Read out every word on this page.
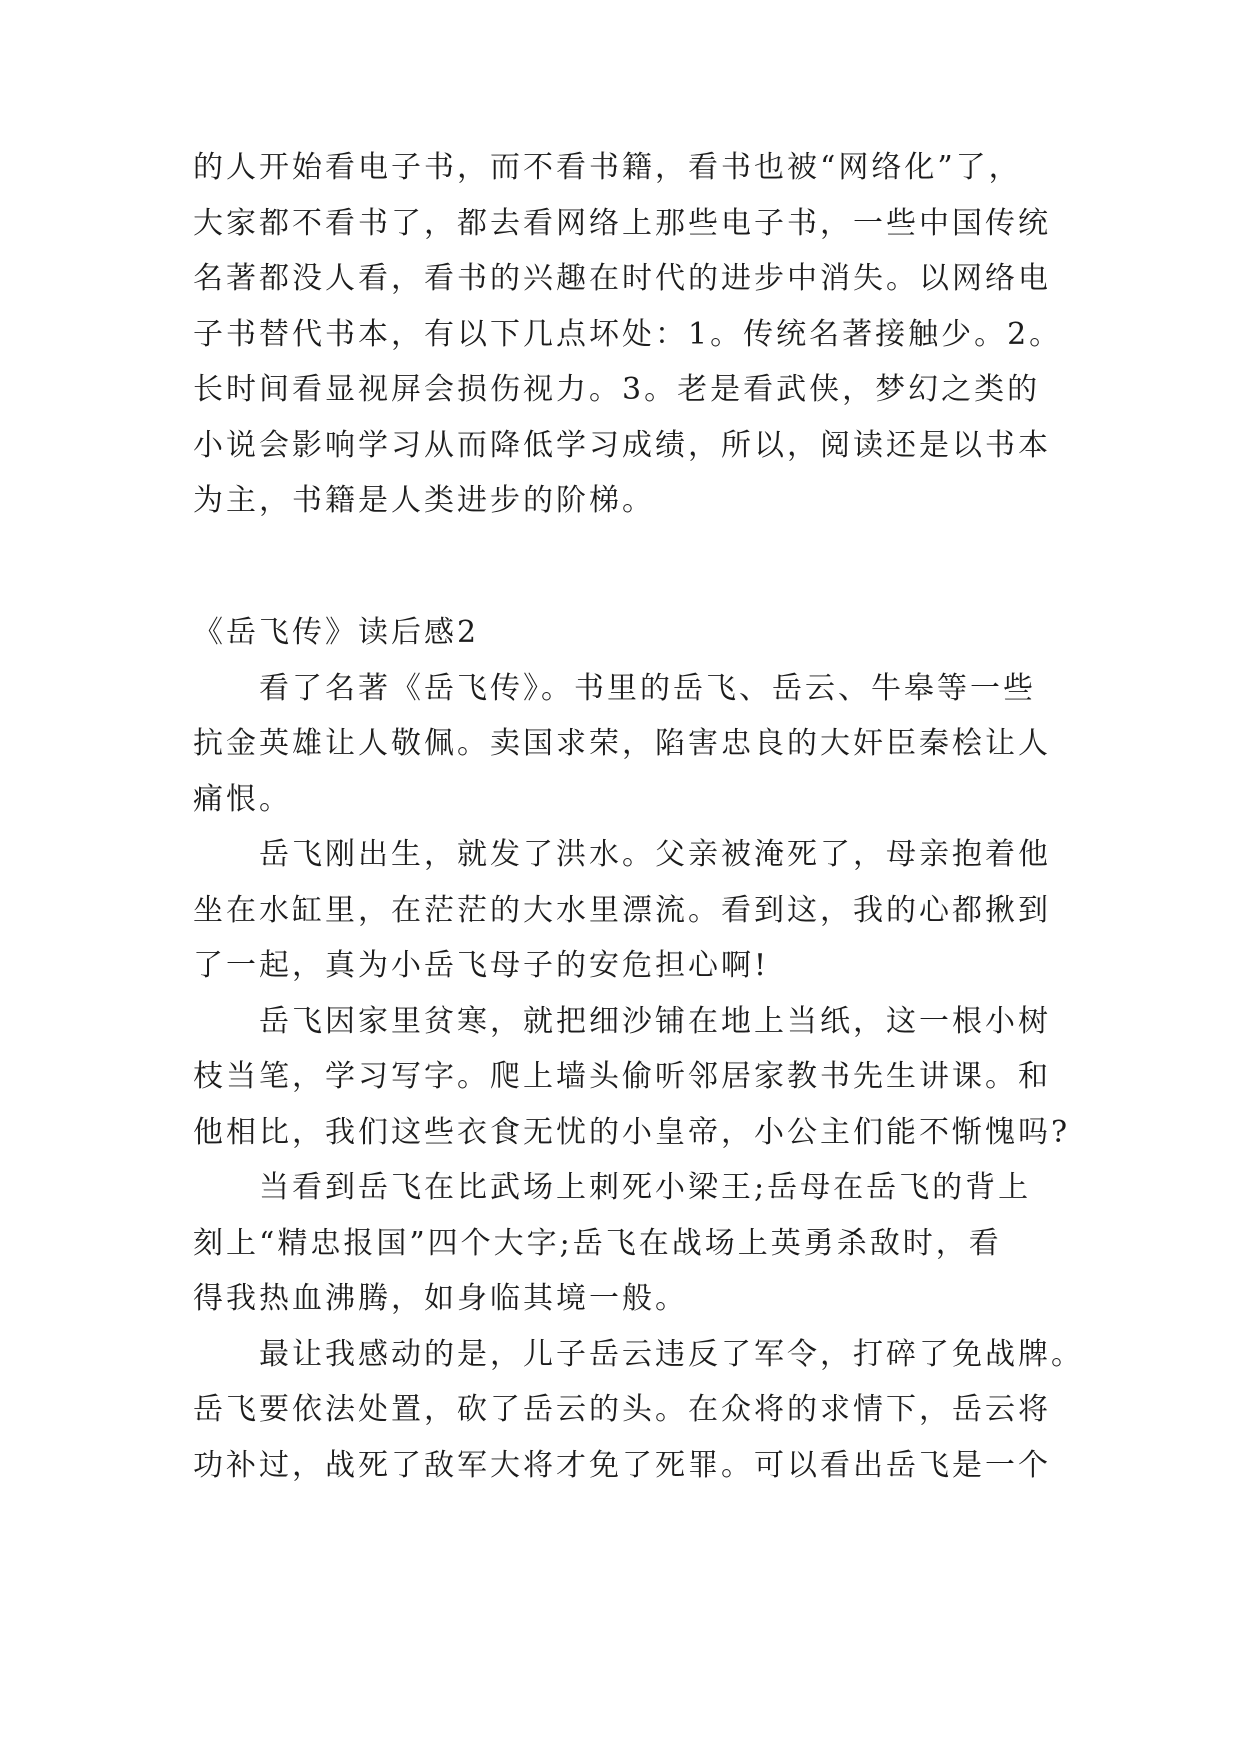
的人开始看电子书，而不看书籍，看书也被“网络化”了，
大家都不看书了，都去看网络上那些电子书，一些中国传统
名著都没人看，看书的兴趣在时代的进步中消失。以网络电
子书替代书本，有以下几点坏处：1。传统名著接触少。2。
长时间看显视屏会损伤视力。3。老是看武侠，梦幻之类的
小说会影响学习从而降低学习成绩，所以，阅读还是以书本
为主，书籍是人类进步的阶梯。
《岳飞传》读后感2
看了名著《岳飞传》。书里的岳飞、岳云、牛皋等一些
抗金英雄让人敬佩。卖国求荣，陷害忠良的大奸臣秦桧让人
痛恨。
岳飞刚出生，就发了洪水。父亲被淹死了，母亲抱着他
坐在水缸里，在茫茫的大水里漂流。看到这，我的心都揪到
了一起，真为小岳飞母子的安危担心啊!
岳飞因家里贫寒，就把细沙铺在地上当纸，这一根小树
枝当笔，学习写字。爬上墙头偷听邻居家教书先生讲课。和
他相比，我们这些衣食无忧的小皇帝，小公主们能不惭愧吗?
当看到岳飞在比武场上刺死小梁王;岳母在岳飞的背上
刻上“精忠报国”四个大字;岳飞在战场上英勇杀敌时，看
得我热血沸腾，如身临其境一般。
最让我感动的是，儿子岳云违反了军令，打碎了免战牌。
岳飞要依法处置，砍了岳云的头。在众将的求情下，岳云将
功补过，战死了敌军大将才免了死罪。可以看出岳飞是一个
